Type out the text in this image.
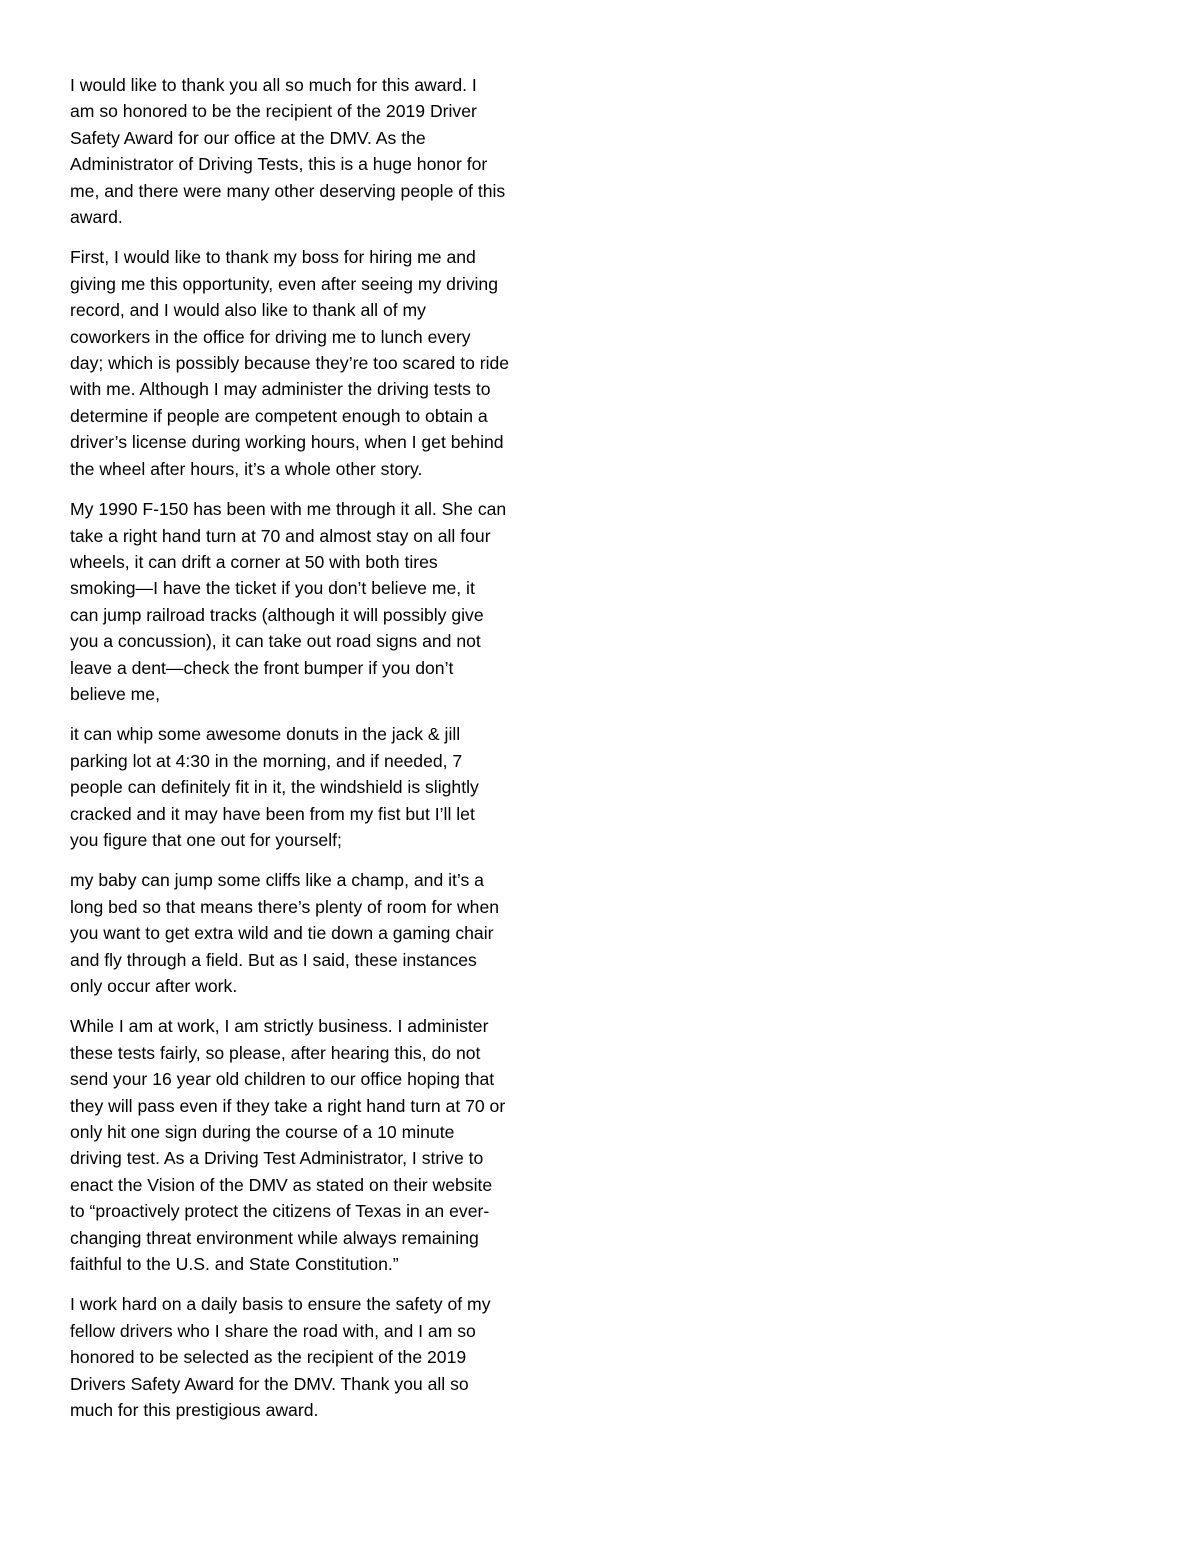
I would like to thank you all so much for this award. I
am so honored to be the recipient of the 2019 Driver
Safety Award for our office at the DMV. As the
Administrator of Driving Tests, this is a huge honor for
me, and there were many other deserving people of this
award.

First, I would like to thank my boss for hiring me and
giving me this opportunity, even after seeing my driving
record, and I would also like to thank all of my
coworkers in the office for driving me to lunch every
day; which is possibly because they’re too scared to ride
with me. Although I may administer the driving tests to
determine if people are competent enough to obtain a
driver’s license during working hours, when I get behind
the wheel after hours, it’s a whole other story.

My 1990 F-150 has been with me through it all. She can
take a right hand turn at 70 and almost stay on all four
wheels, it can drift a corner at 50 with both tires
smoking—I have the ticket if you don’t believe me, it
can jump railroad tracks (although it will possibly give
you a concussion), it can take out road signs and not
leave a dent—check the front bumper if you don’t
believe me,

it can whip some awesome donuts in the jack & jill
parking lot at 4:30 in the morning, and if needed, 7
people can definitely fit in it, the windshield is slightly
cracked and it may have been from my fist but I’ll let
you figure that one out for yourself;

my baby can jump some cliffs like a champ, and it’s a
long bed so that means there’s plenty of room for when
you want to get extra wild and tie down a gaming chair
and fly through a field. But as I said, these instances
only occur after work.

While I am at work, I am strictly business. I administer
these tests fairly, so please, after hearing this, do not
send your 16 year old children to our office hoping that
they will pass even if they take a right hand turn at 70 or
only hit one sign during the course of a 10 minute
driving test. As a Driving Test Administrator, I strive to
enact the Vision of the DMV as stated on their website
to “proactively protect the citizens of Texas in an ever-
changing threat environment while always remaining
faithful to the U.S. and State Constitution.”

I work hard on a daily basis to ensure the safety of my
fellow drivers who I share the road with, and I am so
honored to be selected as the recipient of the 2019
Drivers Safety Award for the DMV. Thank you all so
much for this prestigious award.
